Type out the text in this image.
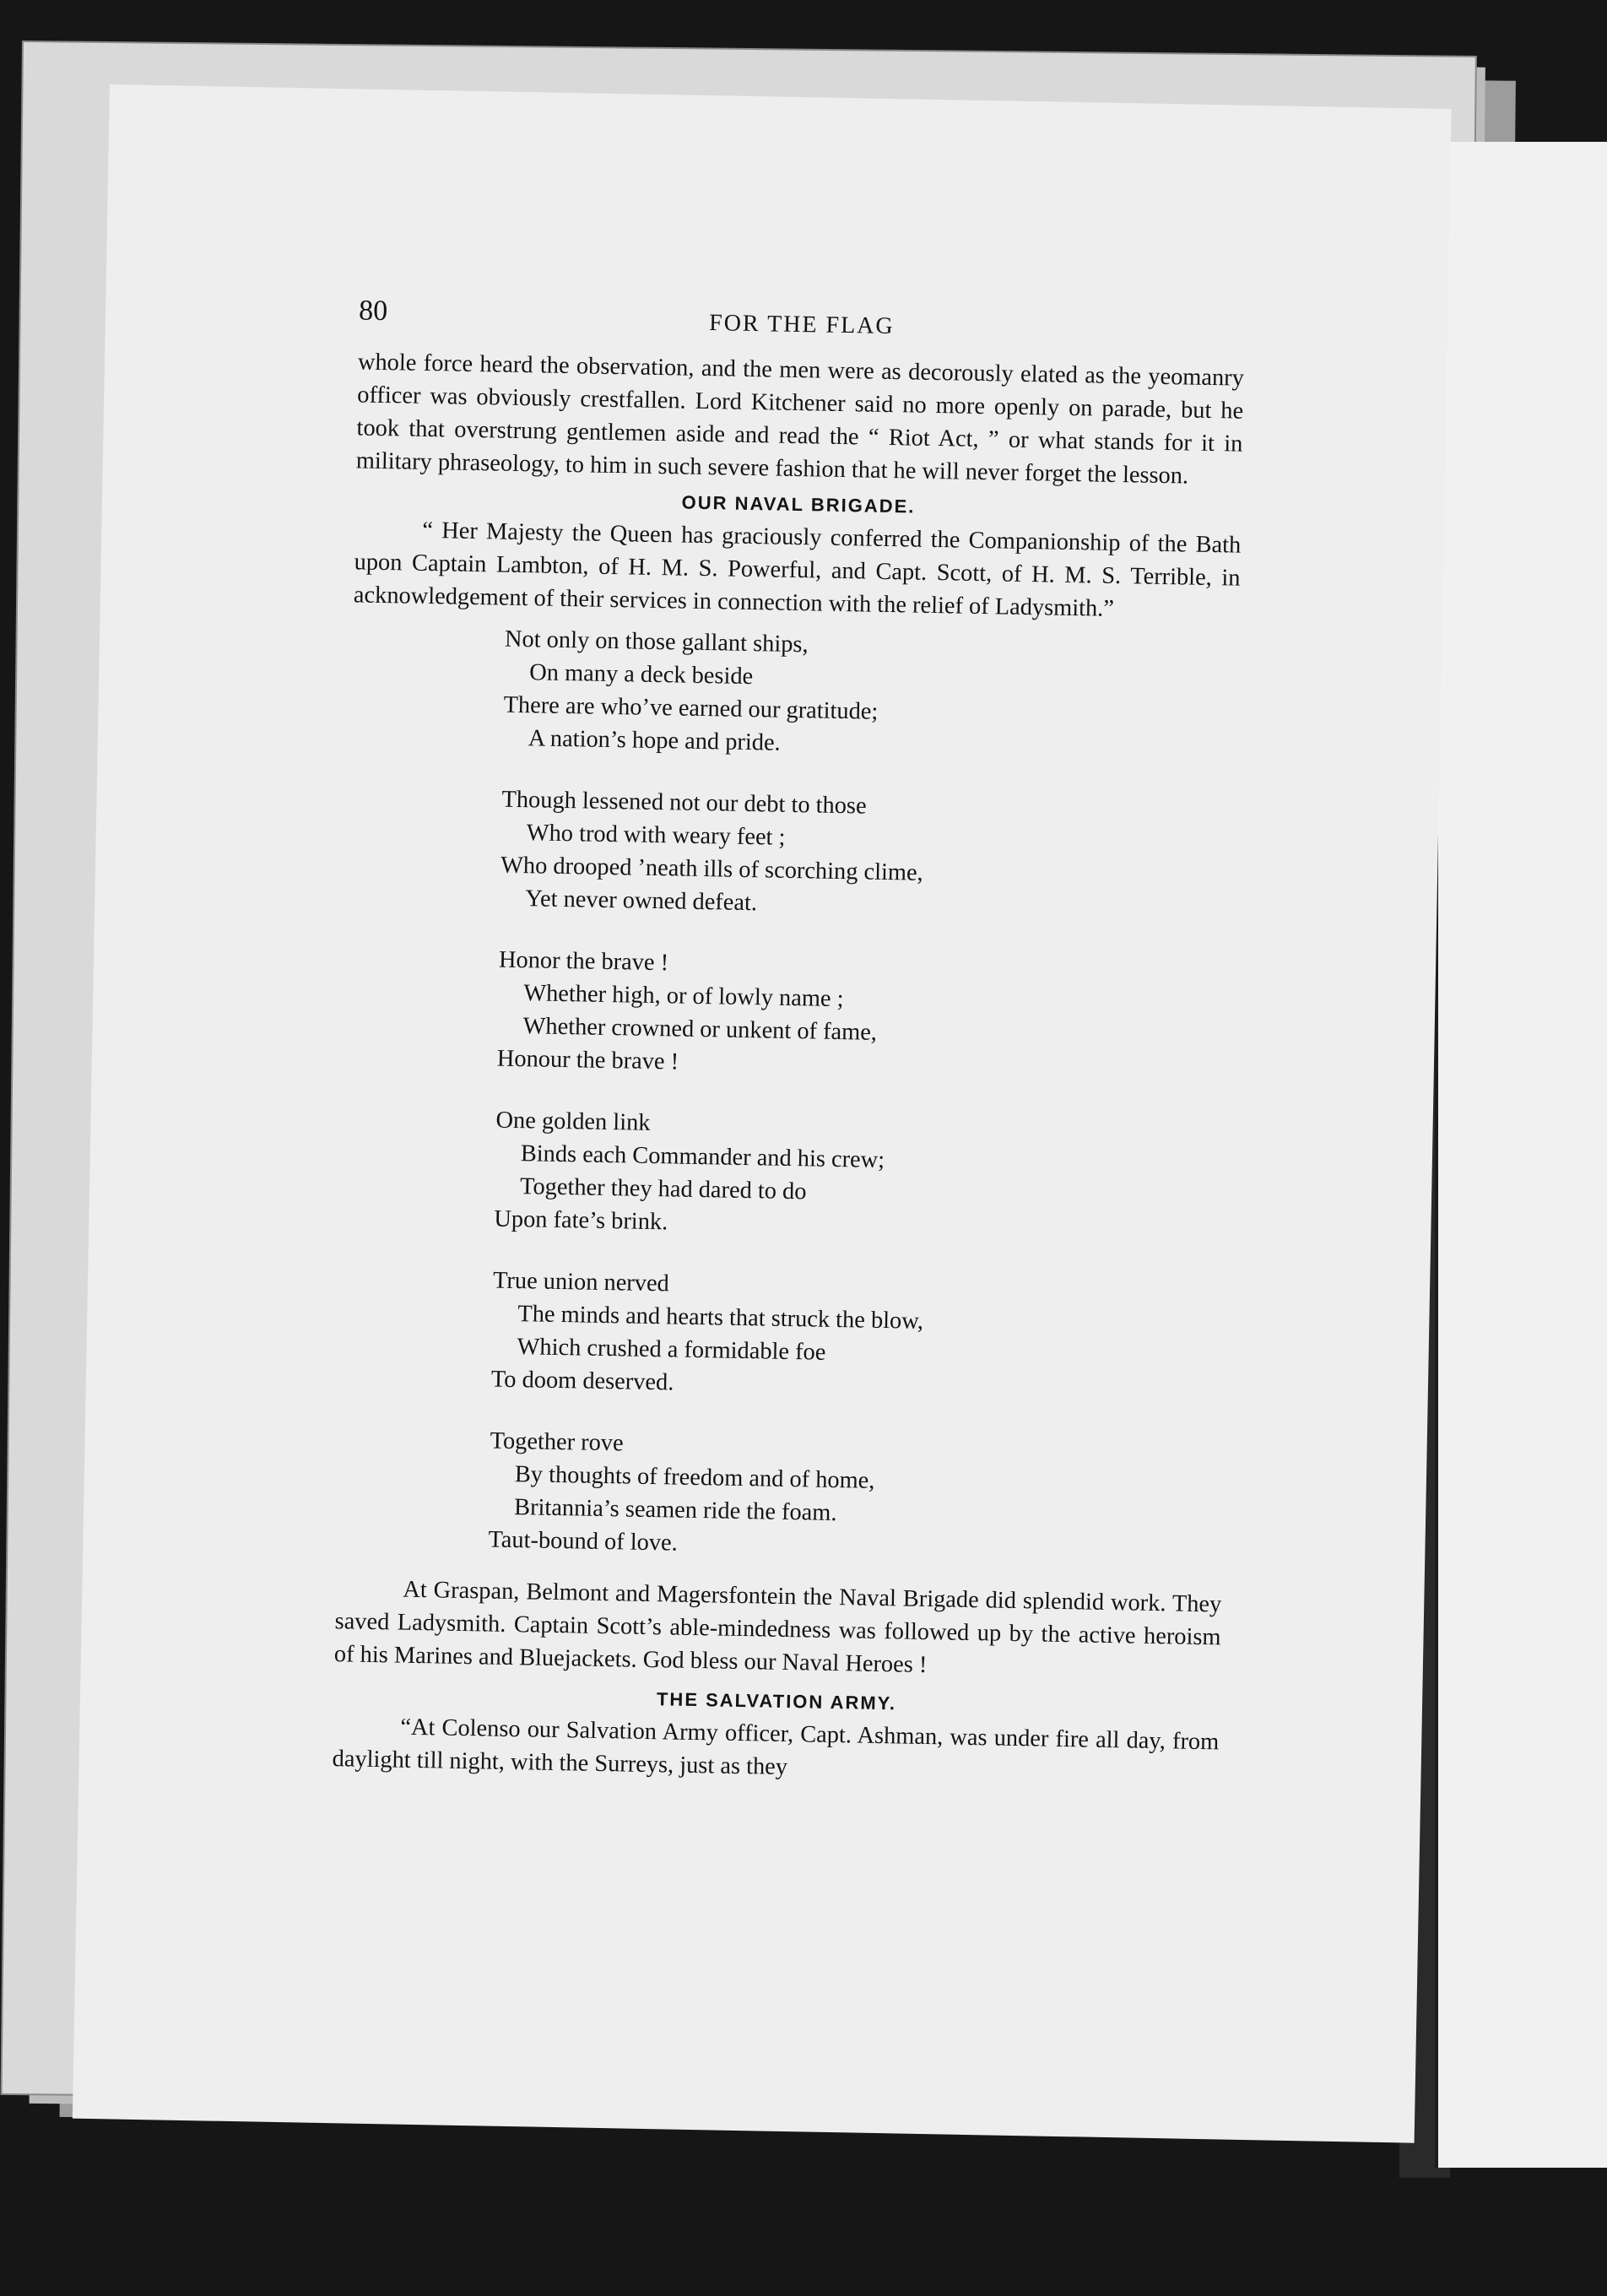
80	FOR THE FLAG

whole force heard the observation, and the men were as decorously elated as the yeomanry officer was obviously crestfallen. Lord Kitchener said no more openly on parade, but he took that overstrung gentlemen aside and read the “ Riot Act, ” or what stands for it in military phraseology, to him in such severe fashion that he will never forget the lesson.

OUR NAVAL BRIGADE.

“ Her Majesty the Queen has graciously conferred the Companionship of the Bath upon Captain Lambton, of H. M. S. Powerful, and Capt. Scott, of H. M. S. Terrible, in acknowledgement of their services in connection with the relief of Ladysmith.”

Not only on those gallant ships,
On many a deck beside
There are who’ve earned our gratitude;
A nation’s hope and pride.
Though lessened not our debt to those
Who trod with weary feet ;
Who drooped ’neath ills of scorching clime,
Yet never owned defeat.
Honor the brave !
Whether high, or of lowly name ;
Whether crowned or unkent of fame,
Honour the brave !
One golden link
Binds each Commander and his crew;
Together they had dared to do
Upon fate’s brink.
True union nerved
The minds and hearts that struck the blow,
Which crushed a formidable foe
To doom deserved.
Together rove
By thoughts of freedom and of home,
Britannia’s seamen ride the foam.
Taut-bound of love.

At Graspan, Belmont and Magersfontein the Naval Brigade did splendid work. They saved Ladysmith. Captain Scott’s able-mindedness was followed up by the active heroism of his Marines and Bluejackets. God bless our Naval Heroes !

THE SALVATION ARMY.

“At Colenso our Salvation Army officer, Capt. Ashman, was under fire all day, from daylight till night, with the Surreys, just as they
